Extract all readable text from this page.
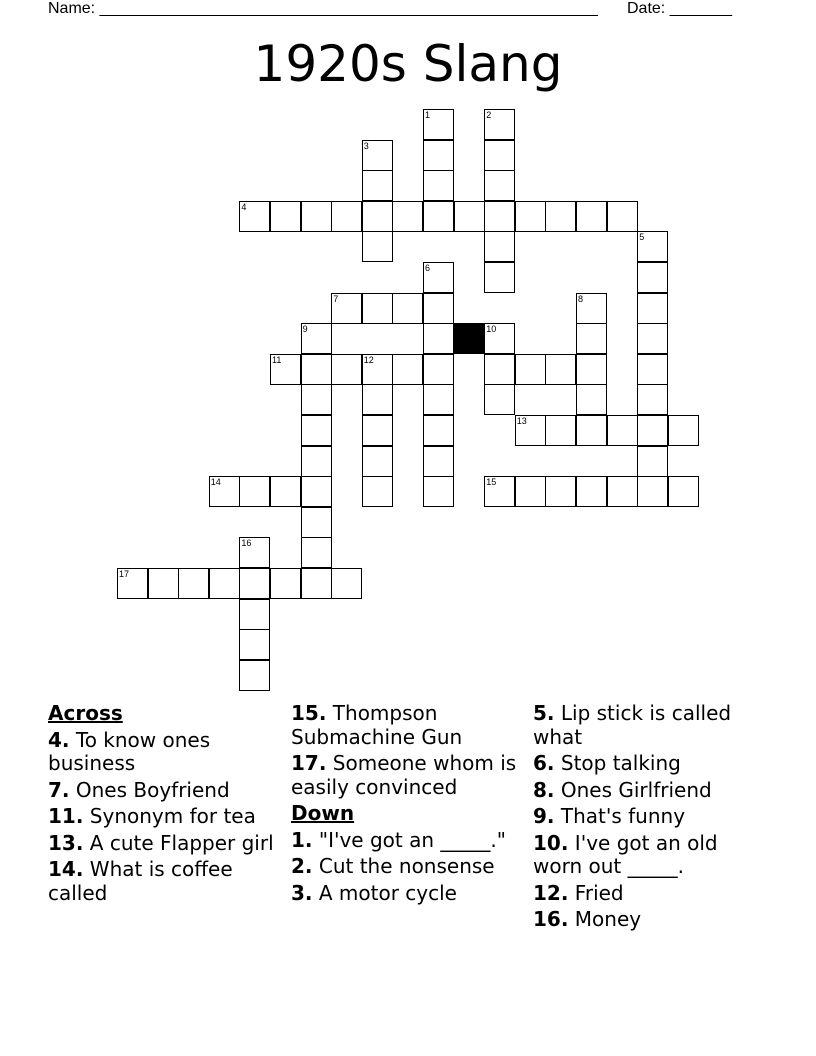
Name: ________________________________________________________ Date: _______
1920s Slang
1	2
3
4
5
6
7	8
9	10
11	12
13
14	15
16
17
Across
4. To know ones business
7. Ones Boyfriend
11. Synonym for tea
13. A cute Flapper girl
14. What is coffee called
15. Thompson Submachine Gun
17. Someone whom is easily convinced
Down
1. "I've got an _____."
2. Cut the nonsense
3. A motor cycle
5. Lip stick is called what
6. Stop talking
8. Ones Girlfriend
9. That's funny
10. I've got an old worn out _____.
12. Fried
16. Money
